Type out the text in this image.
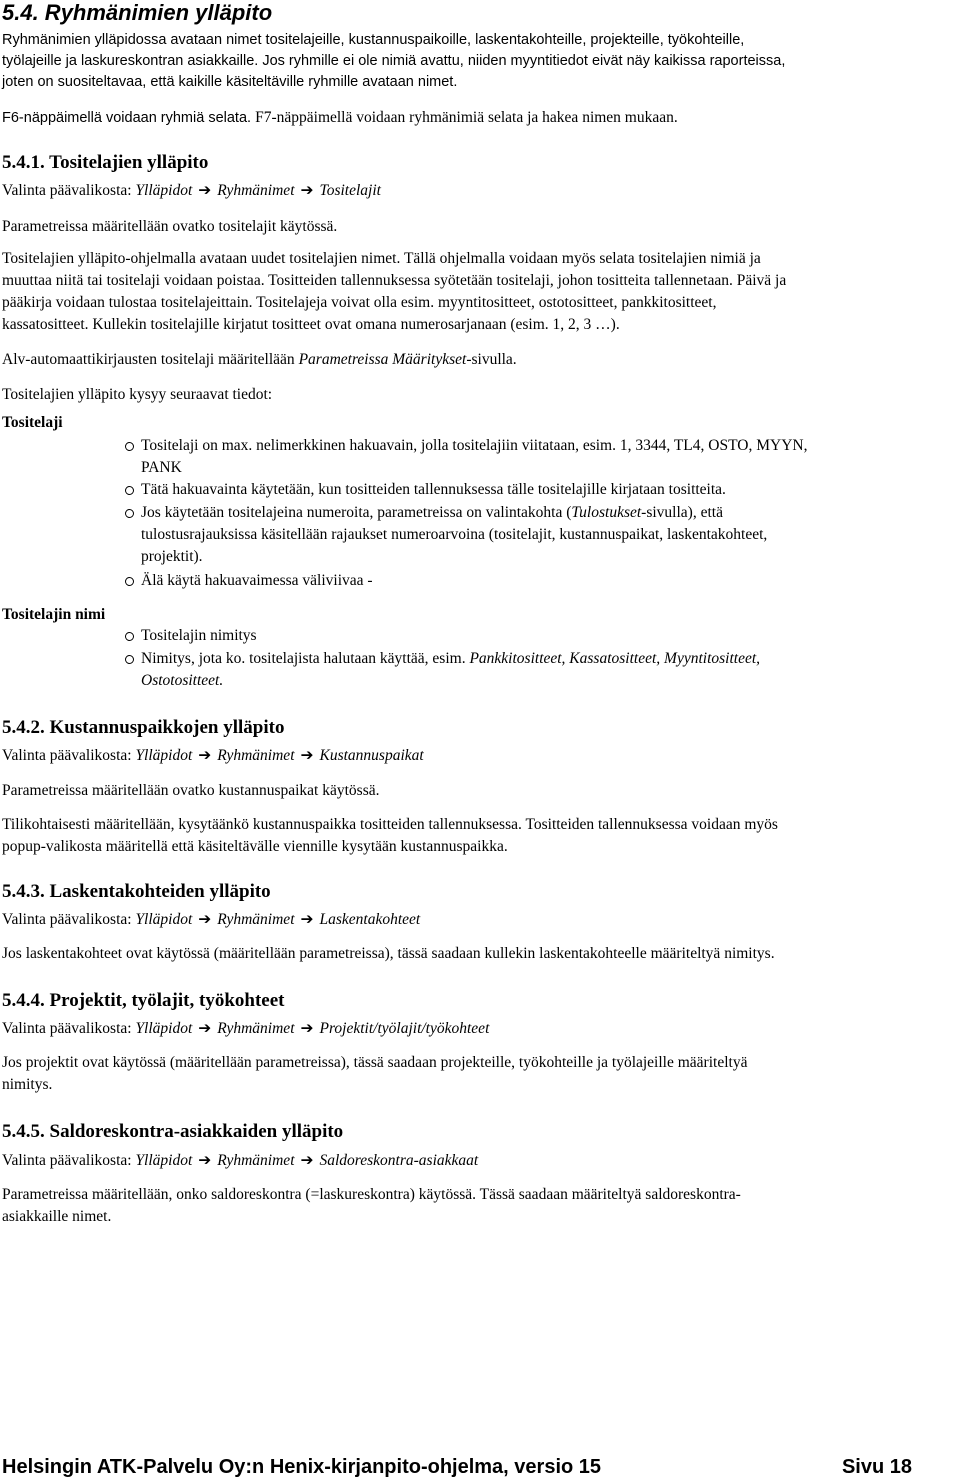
5.4. Ryhmänimien ylläpito
Ryhmänimien ylläpidossa avataan nimet tositelajeille, kustannuspaikoille, laskentakohteille, projekteille, työkohteille,
työlajeille ja laskureskontran asiakkaille. Jos ryhmille ei ole nimiä avattu, niiden myyntitiedot eivät näy kaikissa raporteissa,
joten on suositeltavaa, että kaikille käsiteltäville ryhmille avataan nimet.
F6-näppäimellä voidaan ryhmiä selata. F7-näppäimellä voidaan ryhmänimiä selata ja hakea nimen mukaan.
5.4.1. Tositelajien ylläpito
Valinta päävalikosta: Ylläpidot ➔ Ryhmänimet ➔ Tositelajit
Parametreissa määritellään ovatko tositelajit käytössä.
Tositelajien ylläpito-ohjelmalla avataan uudet tositelajien nimet. Tällä ohjelmalla voidaan myös selata tositelajien nimiä ja
muuttaa niitä tai tositelaji voidaan poistaa. Tositteiden tallennuksessa syötetään tositelaji, johon tositteita tallennetaan. Päivä ja
pääkirja voidaan tulostaa tositelajeittain. Tositelajeja voivat olla esim. myyntitositteet, ostotositteet, pankkitositteet,
kassatositteet. Kullekin tositelajille kirjatut tositteet ovat omana numerosarjanaan (esim. 1, 2, 3 …).
Alv-automaattikirjausten tositelaji määritellään Parametreissa Määritykset-sivulla.
Tositelajien ylläpito kysyy seuraavat tiedot:
Tositelaji
Tositelaji on max. nelimerkkinen hakuavain, jolla tositelajiin viitataan, esim. 1, 3344, TL4, OSTO, MYYN,
PANK
Tätä hakuavainta käytetään, kun tositteiden tallennuksessa tälle tositelajille kirjataan tositteita.
Jos käytetään tositelajeina numeroita, parametreissa on valintakohta (Tulostukset-sivulla), että
tulostusrajauksissa käsitellään rajaukset numeroarvoina (tositelajit, kustannuspaikat, laskentakohteet,
projektit).
Älä käytä hakuavaimessa väliviivaa -
Tositelajin nimi
Tositelajin nimitys
Nimitys, jota ko. tositelajista halutaan käyttää, esim. Pankkitositteet, Kassatositteet, Myyntitositteet,
Ostotositteet.
5.4.2. Kustannuspaikkojen ylläpito
Valinta päävalikosta: Ylläpidot ➔ Ryhmänimet ➔ Kustannuspaikat
Parametreissa määritellään ovatko kustannuspaikat käytössä.
Tilikohtaisesti määritellään, kysytäänkö kustannuspaikka tositteiden tallennuksessa. Tositteiden tallennuksessa voidaan myös
popup-valikosta määritellä että käsiteltävälle viennille kysytään kustannuspaikka.
5.4.3. Laskentakohteiden ylläpito
Valinta päävalikosta: Ylläpidot ➔ Ryhmänimet ➔ Laskentakohteet
Jos laskentakohteet ovat käytössä (määritellään parametreissa), tässä saadaan kullekin laskentakohteelle määriteltyä nimitys.
5.4.4. Projektit, työlajit, työkohteet
Valinta päävalikosta: Ylläpidot ➔ Ryhmänimet ➔ Projektit/työlajit/työkohteet
Jos projektit ovat käytössä (määritellään parametreissa), tässä saadaan projekteille, työkohteille ja työlajeille määriteltyä
nimitys.
5.4.5. Saldoreskontra-asiakkaiden ylläpito
Valinta päävalikosta: Ylläpidot ➔ Ryhmänimet ➔ Saldoreskontra-asiakkaat
Parametreissa määritellään, onko saldoreskontra (=laskureskontra) käytössä. Tässä saadaan määriteltyä saldoreskontra-
asiakkaille nimet.
Helsingin ATK-Palvelu Oy:n Henix-kirjanpito-ohjelma, versio 15	Sivu 18
